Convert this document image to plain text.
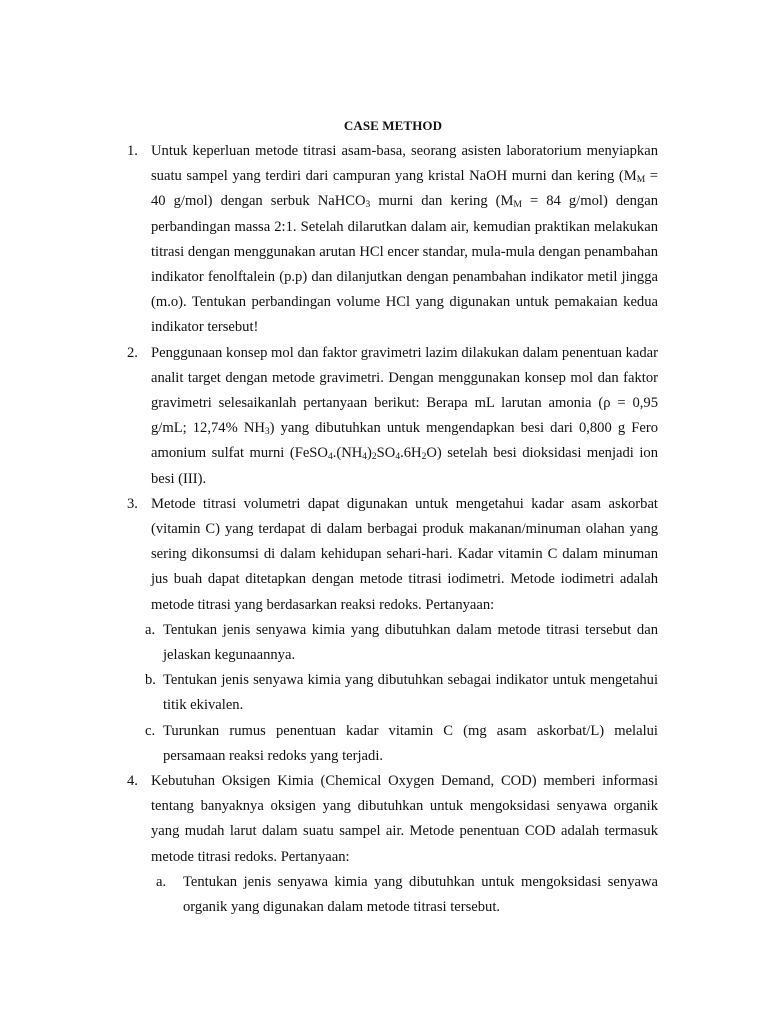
CASE METHOD
1. Untuk keperluan metode titrasi asam-basa, seorang asisten laboratorium menyiapkan suatu sampel yang terdiri dari campuran yang kristal NaOH murni dan kering ($M_M = 40$ g/mol) dengan serbuk NaHCO$_3$ murni dan kering ($M_M = 84$ g/mol) dengan perbandingan massa 2:1. Setelah dilarutkan dalam air, kemudian praktikan melakukan titrasi dengan menggunakan arutan HCl encer standar, mula-mula dengan penambahan indikator fenolftalein (p.p) dan dilanjutkan dengan penambahan indikator metil jingga (m.o). Tentukan perbandingan volume HCl yang digunakan untuk pemakaian kedua indikator tersebut!
2. Penggunaan konsep mol dan faktor gravimetri lazim dilakukan dalam penentuan kadar analit target dengan metode gravimetri. Dengan menggunakan konsep mol dan faktor gravimetri selesaikanlah pertanyaan berikut: Berapa mL larutan amonia (ρ = 0,95 g/mL; 12,74% $NH_3$) yang dibutuhkan untuk mengendapkan besi dari 0,800 g Fero amonium sulfat murni $(FeSO_4.(NH_4)_2SO_4.6H_2O)$ setelah besi dioksidasi menjadi ion besi (III).
3. Metode titrasi volumetri dapat digunakan untuk mengetahui kadar asam askorbat (vitamin C) yang terdapat di dalam berbagai produk makanan/minuman olahan yang sering dikonsumsi di dalam kehidupan sehari-hari. Kadar vitamin C dalam minuman jus buah dapat ditetapkan dengan metode titrasi iodimetri. Metode iodimetri adalah metode titrasi yang berdasarkan reaksi redoks. Pertanyaan:
a. Tentukan jenis senyawa kimia yang dibutuhkan dalam metode titrasi tersebut dan jelaskan kegunaannya.
b. Tentukan jenis senyawa kimia yang dibutuhkan sebagai indikator untuk mengetahui titik ekivalen.
c. Turunkan rumus penentuan kadar vitamin C (mg asam askorbat/L) melalui persamaan reaksi redoks yang terjadi.
4. Kebutuhan Oksigen Kimia (Chemical Oxygen Demand, COD) memberi informasi tentang banyaknya oksigen yang dibutuhkan untuk mengoksidasi senyawa organik yang mudah larut dalam suatu sampel air. Metode penentuan COD adalah termasuk metode titrasi redoks. Pertanyaan:
a. Tentukan jenis senyawa kimia yang dibutuhkan untuk mengoksidasi senyawa organik yang digunakan dalam metode titrasi tersebut.
